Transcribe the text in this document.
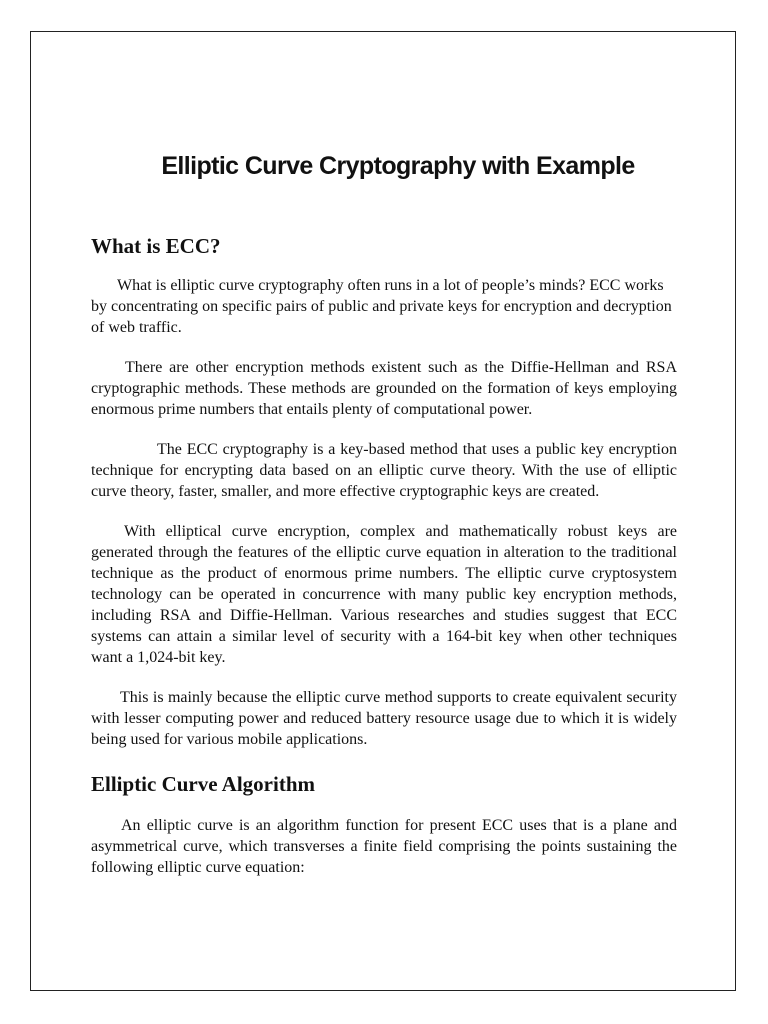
Elliptic Curve Cryptography with Example
What is ECC?

What is elliptic curve cryptography often runs in a lot of people’s minds? ECC works by concentrating on specific pairs of public and private keys for encryption and decryption of web traffic.

There are other encryption methods existent such as the Diffie-Hellman and RSA cryptographic methods. These methods are grounded on the formation of keys employing enormous prime numbers that entails plenty of computational power.

The ECC cryptography is a key-based method that uses a public key encryption technique for encrypting data based on an elliptic curve theory. With the use of elliptic curve theory, faster, smaller, and more effective cryptographic keys are created.

With elliptical curve encryption, complex and mathematically robust keys are generated through the features of the elliptic curve equation in alteration to the traditional technique as the product of enormous prime numbers. The elliptic curve cryptosystem technology can be operated in concurrence with many public key encryption methods, including RSA and Diffie-Hellman. Various researches and studies suggest that ECC systems can attain a similar level of security with a 164-bit key when other techniques want a 1,024-bit key.

This is mainly because the elliptic curve method supports to create equivalent security with lesser computing power and reduced battery resource usage due to which it is widely being used for various mobile applications.

Elliptic Curve Algorithm

An elliptic curve is an algorithm function for present ECC uses that is a plane and asymmetrical curve, which transverses a finite field comprising the points sustaining the following elliptic curve equation:
